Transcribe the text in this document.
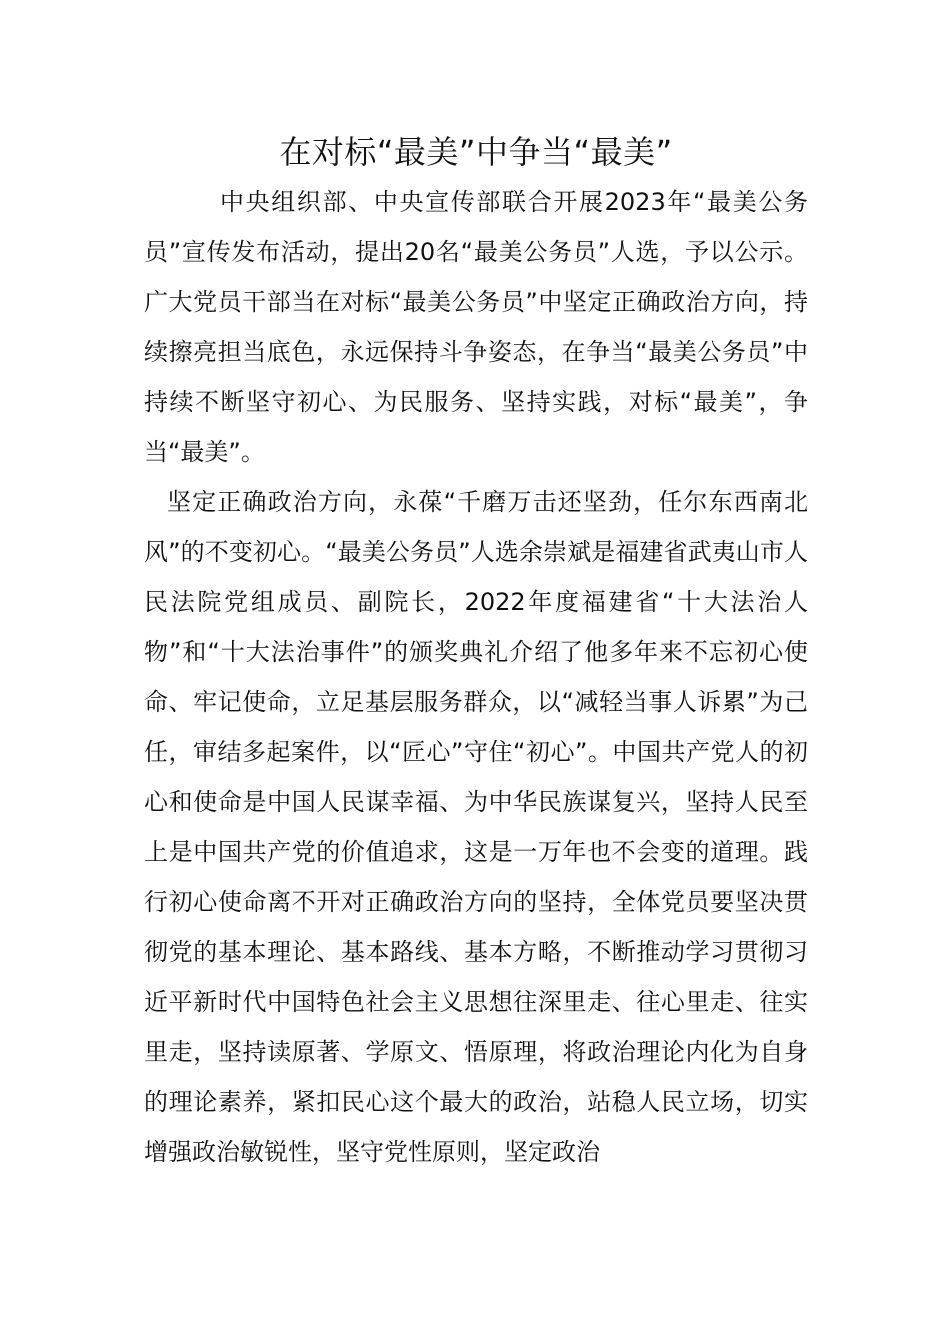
在对标“最美”中争当“最美”

中央组织部、中央宣传部联合开展2023年“最美公务员”宣传发布活动，提出20名“最美公务员”人选，予以公示。广大党员干部当在对标“最美公务员”中坚定正确政治方向，持续擦亮担当底色，永远保持斗争姿态，在争当“最美公务员”中持续不断坚守初心、为民服务、坚持实践，对标“最美”，争当“最美”。

坚定正确政治方向，永葆“千磨万击还坚劲，任尔东西南北风”的不变初心。“最美公务员”人选余崇斌是福建省武夷山市人民法院党组成员、副院长，2022年度福建省“十大法治人物”和“十大法治事件”的颁奖典礼介绍了他多年来不忘初心使命、牢记使命，立足基层服务群众，以“减轻当事人诉累”为己任，审结多起案件，以“匠心”守住“初心”。中国共产党人的初心和使命是中国人民谋幸福、为中华民族谋复兴，坚持人民至上是中国共产党的价值追求，这是一万年也不会变的道理。践行初心使命离不开对正确政治方向的坚持，全体党员要坚决贯彻党的基本理论、基本路线、基本方略，不断推动学习贯彻习近平新时代中国特色社会主义思想往深里走、往心里走、往实里走，坚持读原著、学原文、悟原理，将政治理论内化为自身的理论素养，紧扣民心这个最大的政治，站稳人民立场，切实增强政治敏锐性，坚守党性原则，坚定政治
